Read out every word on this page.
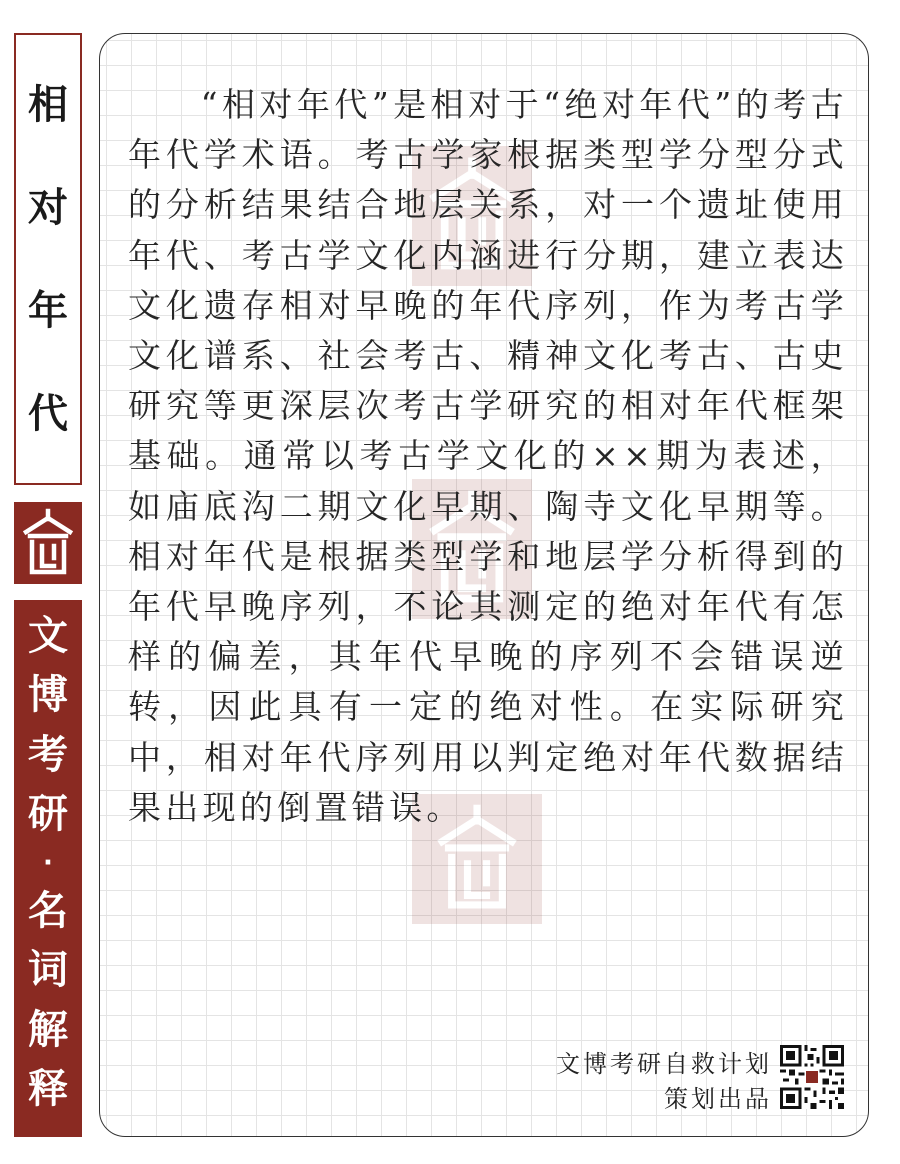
相
对
年
代
文
博
考
研
·
名
词
解
释

“相对年代”是相对于“绝对年代”的考古年代学术语。考古学家根据类型学分型分式的分析结果结合地层关系，对一个遗址使用年代、考古学文化内涵进行分期，建立表达文化遗存相对早晚的年代序列，作为考古学文化谱系、社会考古、精神文化考古、古史研究等更深层次考古学研究的相对年代框架基础。通常以考古学文化的××期为表述，如庙底沟二期文化早期、陶寺文化早期等。相对年代是根据类型学和地层学分析得到的年代早晚序列，不论其测定的绝对年代有怎样的偏差，其年代早晚的序列不会错误逆转，因此具有一定的绝对性。在实际研究中，相对年代序列用以判定绝对年代数据结果出现的倒置错误。

文博考研自救计划
策划出品
